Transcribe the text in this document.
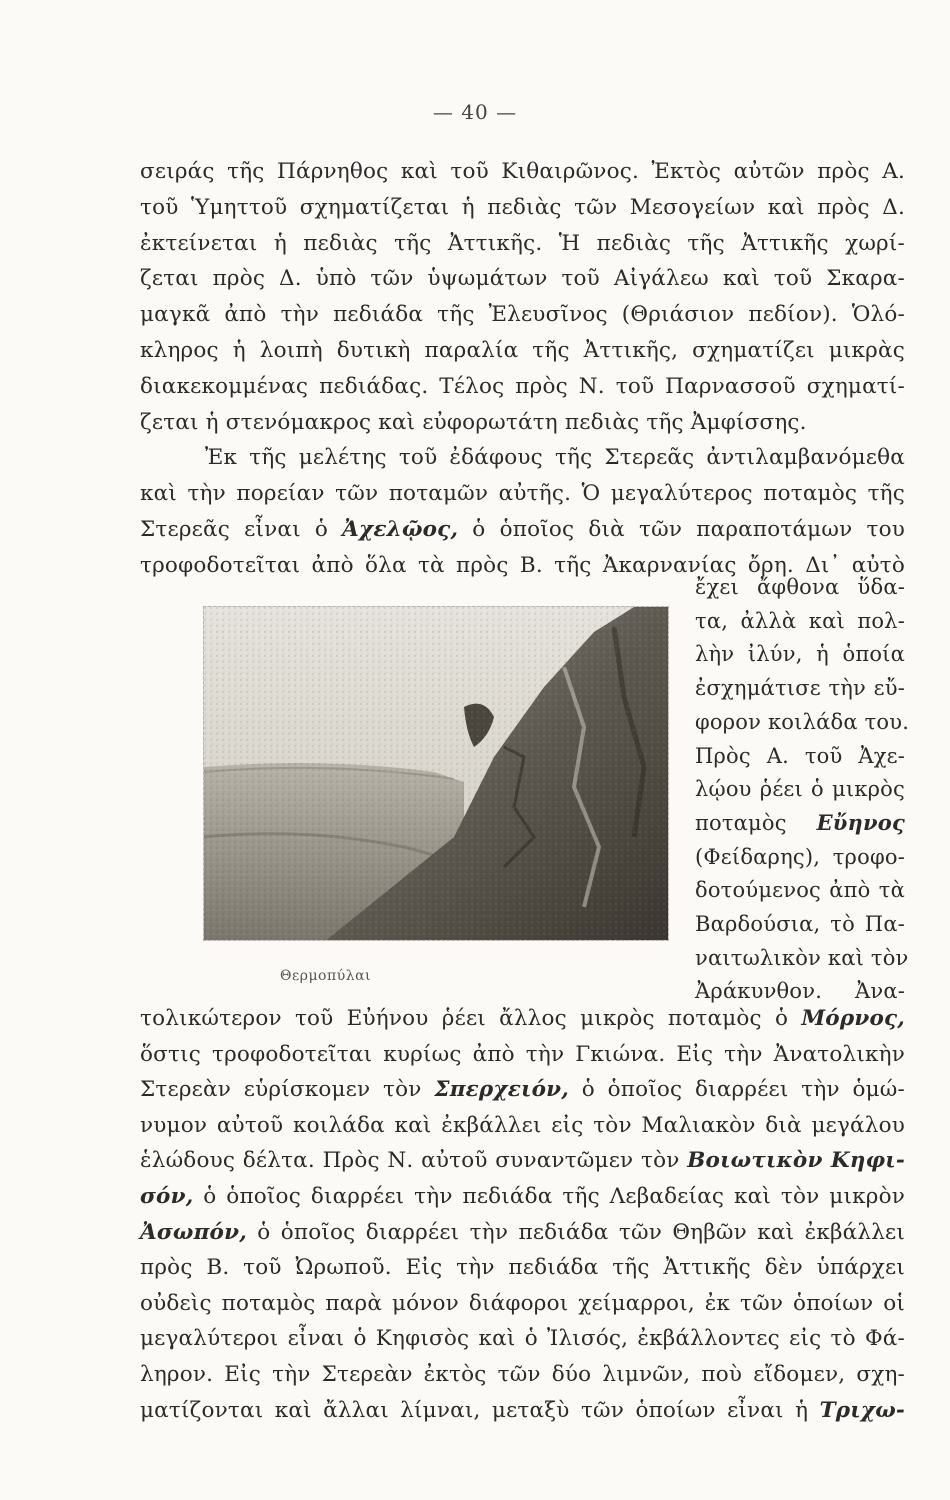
— 40 —
σειράς τῆς Πάρνηθος καὶ τοῦ Κιθαιρῶνος. Ἐκτὸς αὐτῶν πρὸς Α.
τοῦ Ὑμηττοῦ σχηματίζεται ἡ πεδιὰς τῶν Μεσογείων καὶ πρὸς Δ.
ἐκτείνεται ἡ πεδιὰς τῆς Ἀττικῆς. Ἡ πεδιὰς τῆς Ἀττικῆς χωρί-
ζεται πρὸς Δ. ὑπὸ τῶν ὑψωμάτων τοῦ Αἰγάλεω καὶ τοῦ Σκαρα-
μαγκᾶ ἀπὸ τὴν πεδιάδα τῆς Ἐλευσῖνος (Θριάσιον πεδίον). Ὁλό-
κληρος ἡ λοιπὴ δυτικὴ παραλία τῆς Ἀττικῆς, σχηματίζει μικρὰς
διακεκομμένας πεδιάδας. Τέλος πρὸς Ν. τοῦ Παρνασσοῦ σχηματί-
ζεται ἡ στενόμακρος καὶ εὐφορωτάτη πεδιὰς τῆς Ἀμφίσσης.
Ἐκ τῆς μελέτης τοῦ ἐδάφους τῆς Στερεᾶς ἀντιλαμβανόμεθα
καὶ τὴν πορείαν τῶν ποταμῶν αὐτῆς. Ὁ μεγαλύτερος ποταμὸς τῆς
Στερεᾶς εἶναι ὁ Ἀχελῷος, ὁ ὁποῖος διὰ τῶν παραποτάμων του
τροφοδοτεῖται ἀπὸ ὅλα τὰ πρὸς Β. τῆς Ἀκαρνανίας ὄρη. Δι᾿ αὐτὸ
ἔχει ἄφθονα ὕδα-
τα, ἀλλὰ καὶ πολ-
λὴν ἰλύν, ἡ ὁποία
ἐσχημάτισε τὴν εὔ-
φορον κοιλάδα του.
Πρὸς Α. τοῦ Ἀχε-
λῴου ῥέει ὁ μικρὸς
ποταμὸς Εὔηνος
(Φείδαρης), τροφο-
δοτούμενος ἀπὸ τὰ
Βαρδούσια, τὸ Πα-
ναιτωλικὸν καὶ τὸν
Ἀράκυνθον. Ἀνα-
Θερμοπύλαι
τολικώτερον τοῦ Εὐήνου ῥέει ἄλλος μικρὸς ποταμὸς ὁ Μόρνος,
ὅστις τροφοδοτεῖται κυρίως ἀπὸ τὴν Γκιώνα. Εἰς τὴν Ἀνατολικὴν
Στερεὰν εὑρίσκομεν τὸν Σπερχειόν, ὁ ὁποῖος διαρρέει τὴν ὁμώ-
νυμον αὐτοῦ κοιλάδα καὶ ἐκβάλλει εἰς τὸν Μαλιακὸν διὰ μεγάλου
ἑλώδους δέλτα. Πρὸς Ν. αὐτοῦ συναντῶμεν τὸν Βοιωτικὸν Κηφι-
σόν, ὁ ὁποῖος διαρρέει τὴν πεδιάδα τῆς Λεβαδείας καὶ τὸν μικρὸν
Ἀσωπόν, ὁ ὁποῖος διαρρέει τὴν πεδιάδα τῶν Θηβῶν καὶ ἐκβάλλει
πρὸς Β. τοῦ Ὠρωποῦ. Εἰς τὴν πεδιάδα τῆς Ἀττικῆς δὲν ὑπάρχει
οὐδεὶς ποταμὸς παρὰ μόνον διάφοροι χείμαρροι, ἐκ τῶν ὁποίων οἱ
μεγαλύτεροι εἶναι ὁ Κηφισὸς καὶ ὁ Ἰλισός, ἐκβάλλοντες εἰς τὸ Φά-
ληρον. Εἰς τὴν Στερεὰν ἐκτὸς τῶν δύο λιμνῶν, ποὺ εἴδομεν, σχη-
ματίζονται καὶ ἄλλαι λίμναι, μεταξὺ τῶν ὁποίων εἶναι ἡ Τριχω-
